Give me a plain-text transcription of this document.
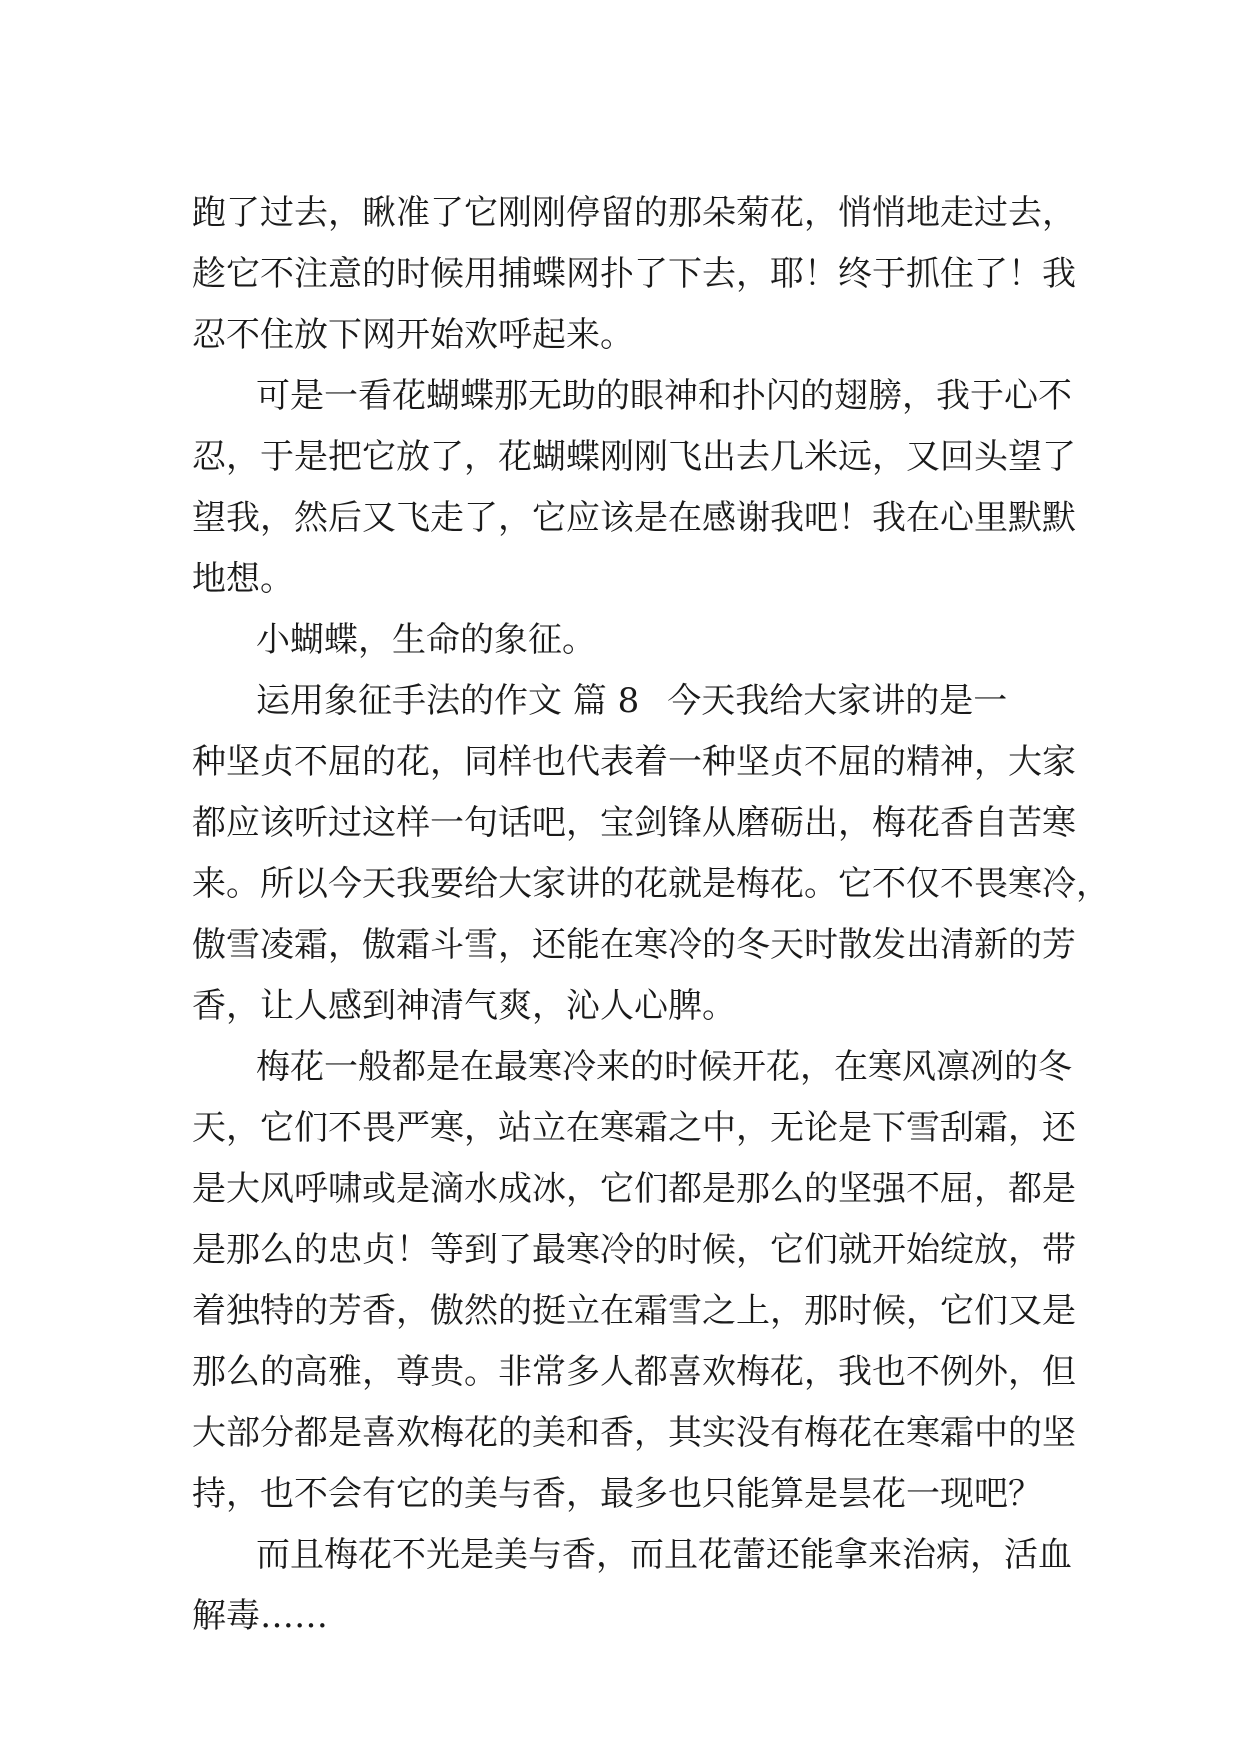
跑了过去，瞅准了它刚刚停留的那朵菊花，悄悄地走过去，
趁它不注意的时候用捕蝶网扑了下去，耶！终于抓住了！我
忍不住放下网开始欢呼起来。
可是一看花蝴蝶那无助的眼神和扑闪的翅膀，我于心不
忍，于是把它放了，花蝴蝶刚刚飞出去几米远，又回头望了
望我，然后又飞走了，它应该是在感谢我吧！我在心里默默
地想。
小蝴蝶，生命的象征。
运用象征手法的作文 篇 8 今天我给大家讲的是一
种坚贞不屈的花，同样也代表着一种坚贞不屈的精神，大家
都应该听过这样一句话吧，宝剑锋从磨砺出，梅花香自苦寒
来。所以今天我要给大家讲的花就是梅花。它不仅不畏寒冷，
傲雪凌霜，傲霜斗雪，还能在寒冷的冬天时散发出清新的芳
香，让人感到神清气爽，沁人心脾。
梅花一般都是在最寒冷来的时候开花，在寒风凛冽的冬
天，它们不畏严寒，站立在寒霜之中，无论是下雪刮霜，还
是大风呼啸或是滴水成冰，它们都是那么的坚强不屈，都是
是那么的忠贞！等到了最寒冷的时候，它们就开始绽放，带
着独特的芳香，傲然的挺立在霜雪之上，那时候，它们又是
那么的高雅，尊贵。非常多人都喜欢梅花，我也不例外，但
大部分都是喜欢梅花的美和香，其实没有梅花在寒霜中的坚
持，也不会有它的美与香，最多也只能算是昙花一现吧？
而且梅花不光是美与香，而且花蕾还能拿来治病，活血
解毒……
